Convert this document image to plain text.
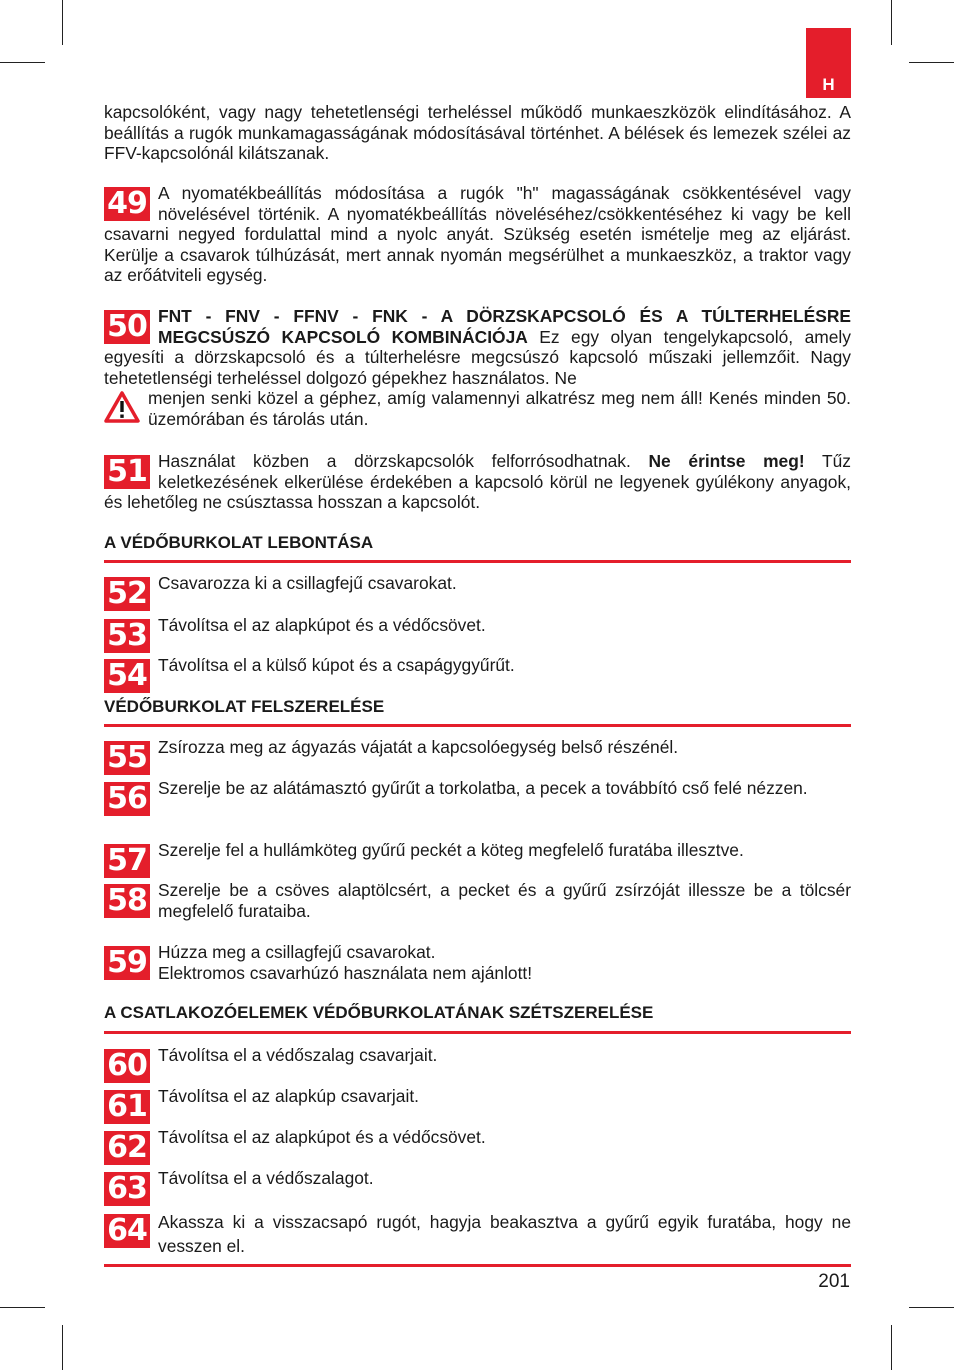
H

kapcsolóként, vagy nagy tehetetlenségi terheléssel működő munkaeszközök elindításához. A beállítás a rugók munkamagasságának módosításával történhet. A bélések és lemezek szélei az FFV-kapcsolónál kilátszanak.

49 A nyomatékbeállítás módosítása a rugók "h" magasságának csökkentésével vagy növelésével történik. A nyomatékbeállítás növeléséhez/csökkentéséhez ki vagy be kell csavarni negyed fordulattal mind a nyolc anyát. Szükség esetén ismételje meg az eljárást. Kerülje a csavarok túlhúzását, mert annak nyomán megsérülhet a munkaeszköz, a traktor vagy az erőátviteli egység.
50 FNT - FNV - FFNV - FNK - A DÖRZSKAPCSOLÓ ÉS A TÚLTERHELÉSRE MEGCSÚSZÓ KAPCSOLÓ KOMBINÁCIÓJA Ez egy olyan tengelykapcsoló, amely egyesíti a dörzskapcsoló és a túlterhelésre megcsúszó kapcsoló műszaki jellemzőit. Nagy tehetetlenségi terheléssel dolgozó gépekhez használatos. Ne
menjen senki közel a géphez, amíg valamennyi alkatrész meg nem áll! Kenés minden 50. üzemórában és tárolás után.
51 Használat közben a dörzskapcsolók felforrósodhatnak. Ne érintse meg! Tűz keletkezésének elkerülése érdekében a kapcsoló körül ne legyenek gyúlékony anyagok, és lehetőleg ne csúsztassa hosszan a kapcsolót.
A VÉDŐBURKOLAT LEBONTÁSA
52 Csavarozza ki a csillagfejű csavarokat.
53 Távolítsa el az alapkúpot és a védőcsövet.
54 Távolítsa el a külső kúpot és a csapágygyűrűt.
VÉDŐBURKOLAT FELSZERELÉSE
55 Zsírozza meg az ágyazás vájatát a kapcsolóegység belső részénél.
56 Szerelje be az alátámasztó gyűrűt a torkolatba, a pecek a továbbító cső felé nézzen.
57 Szerelje fel a hullámköteg gyűrű peckét a köteg megfelelő furatába illesztve.
58 Szerelje be a csöves alaptölcsért, a pecket és a gyűrű zsírzóját illessze be a tölcsér megfelelő furataiba.
59 Húzza meg a csillagfejű csavarokat.
Elektromos csavarhúzó használata nem ajánlott!
A CSATLAKOZÓELEMEK VÉDŐBURKOLATÁNAK SZÉTSZERELÉSE
60 Távolítsa el a védőszalag csavarjait.
61 Távolítsa el az alapkúp csavarjait.
62 Távolítsa el az alapkúpot és a védőcsövet.
63 Távolítsa el a védőszalagot.
64 Akassza ki a visszacsapó rugót, hagyja beakasztva a gyűrű egyik furatába, hogy ne vesszen el.
201
